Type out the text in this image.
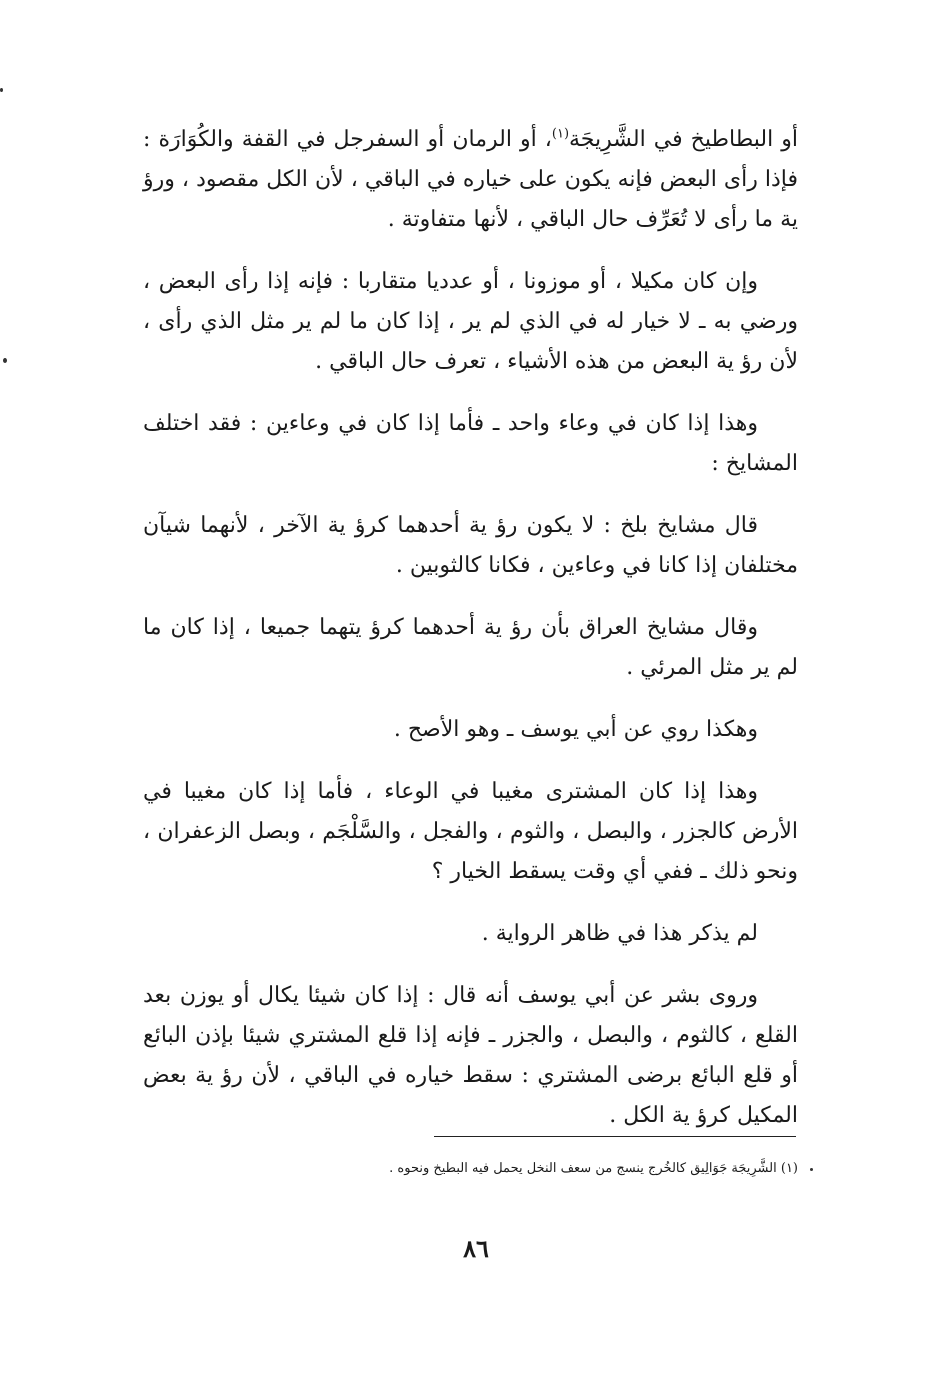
أو البطاطيخ في الشَّرِيجَة$^{(١)}$، أو الرمان أو السفرجل في القفة والكُوَارَة : فإذا رأى البعض فإنه يكون على خياره في الباقي ، لأن الكل مقصود ، ورؤ ية ما رأى لا تُعَرِّف حال الباقي ، لأنها متفاوتة .

وإن كان مكيلا ، أو موزونا ، أو عدديا متقاربا : فإنه إذا رأى البعض ، ورضي به ـ لا خيار له في الذي لم ير ، إذا كان ما لم ير مثل الذي رأى ، لأن رؤ ية البعض من هذه الأشياء ، تعرف حال الباقي .

وهذا إذا كان في وعاء واحد ـ فأما إذا كان في وعاءين : فقد اختلف المشايخ :

قال مشايخ بلخ : لا يكون رؤ ية أحدهما كرؤ ية الآخر ، لأنهما شيآن مختلفان إذا كانا في وعاءين ، فكانا كالثوبين .

وقال مشايخ العراق بأن رؤ ية أحدهما كرؤ يتهما جميعا ، إذا كان ما لم ير مثل المرئي .

وهكذا روي عن أبي يوسف ـ وهو الأصح .

وهذا إذا كان المشترى مغيبا في الوعاء ، فأما إذا كان مغيبا في الأرض كالجزر ، والبصل ، والثوم ، والفجل ، والسَّلْجَم ، وبصل الزعفران ، ونحو ذلك ـ ففي أي وقت يسقط الخيار ؟

لم يذكر هذا في ظاهر الرواية .

وروى بشر عن أبي يوسف أنه قال : إذا كان شيئا يكال أو يوزن بعد القلع ، كالثوم ، والبصل ، والجزر ـ فإنه إذا قلع المشتري شيئا بإذن البائع أو قلع البائع برضى المشتري : سقط خياره في الباقي ، لأن رؤ ية بعض المكيل كرؤ ية الكل .

(١) الشَّرِيجَة جَوَالِيق كالخُرج ينسج من سعف النخل يحمل فيه البطيخ ونحوه .
٨٦
